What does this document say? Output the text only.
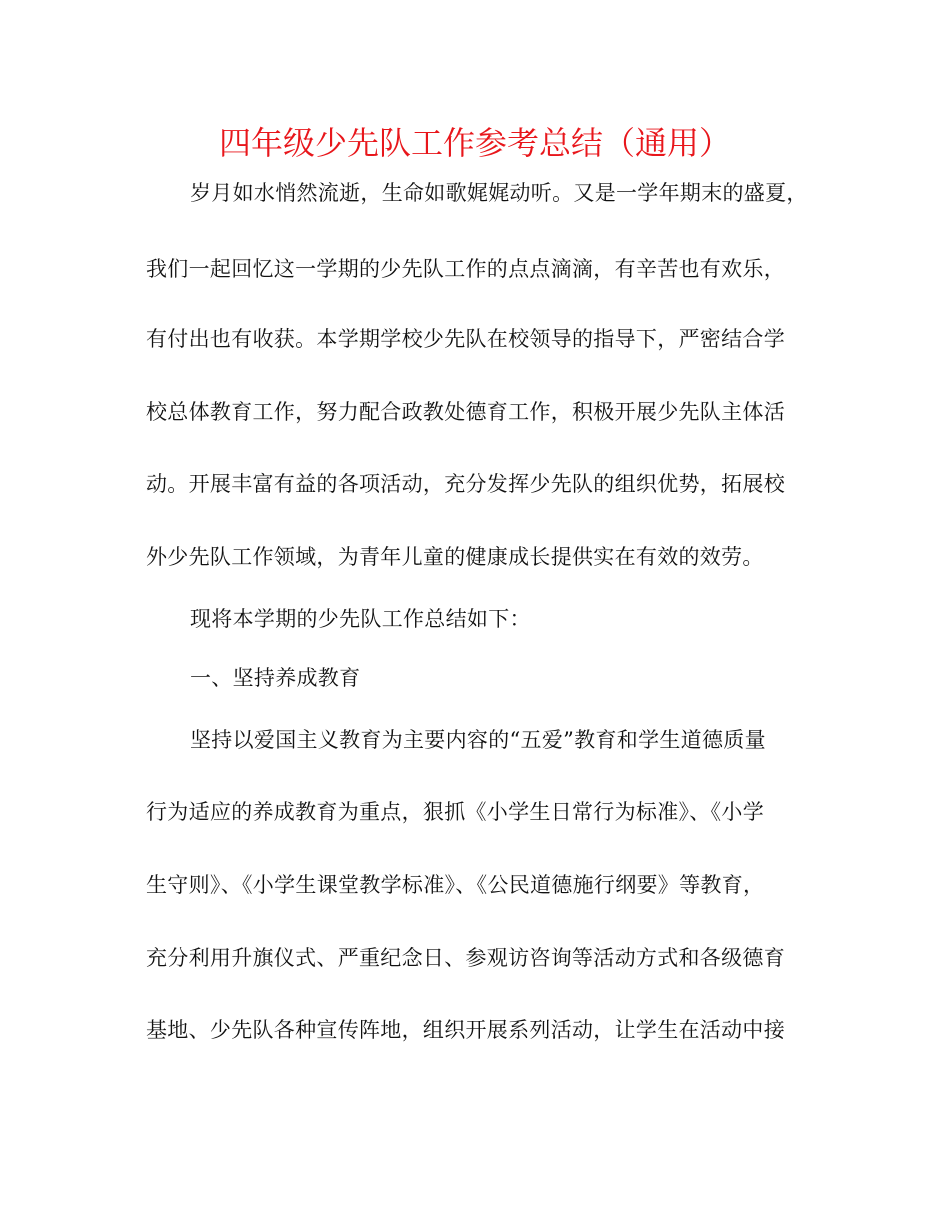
四年级少先队工作参考总结（通用）
岁月如水悄然流逝，生命如歌娓娓动听。又是一学年期末的盛夏，
我们一起回忆这一学期的少先队工作的点点滴滴，有辛苦也有欢乐，
有付出也有收获。本学期学校少先队在校领导的指导下，严密结合学
校总体教育工作，努力配合政教处德育工作，积极开展少先队主体活
动。开展丰富有益的各项活动，充分发挥少先队的组织优势，拓展校
外少先队工作领域，为青年儿童的健康成长提供实在有效的效劳。
现将本学期的少先队工作总结如下：
一、坚持养成教育
坚持以爱国主义教育为主要内容的“五爱”教育和学生道德质量
行为适应的养成教育为重点，狠抓《小学生日常行为标准》、《小学
生守则》、《小学生课堂教学标准》、《公民道德施行纲要》等教育，
充分利用升旗仪式、严重纪念日、参观访咨询等活动方式和各级德育
基地、少先队各种宣传阵地，组织开展系列活动，让学生在活动中接
